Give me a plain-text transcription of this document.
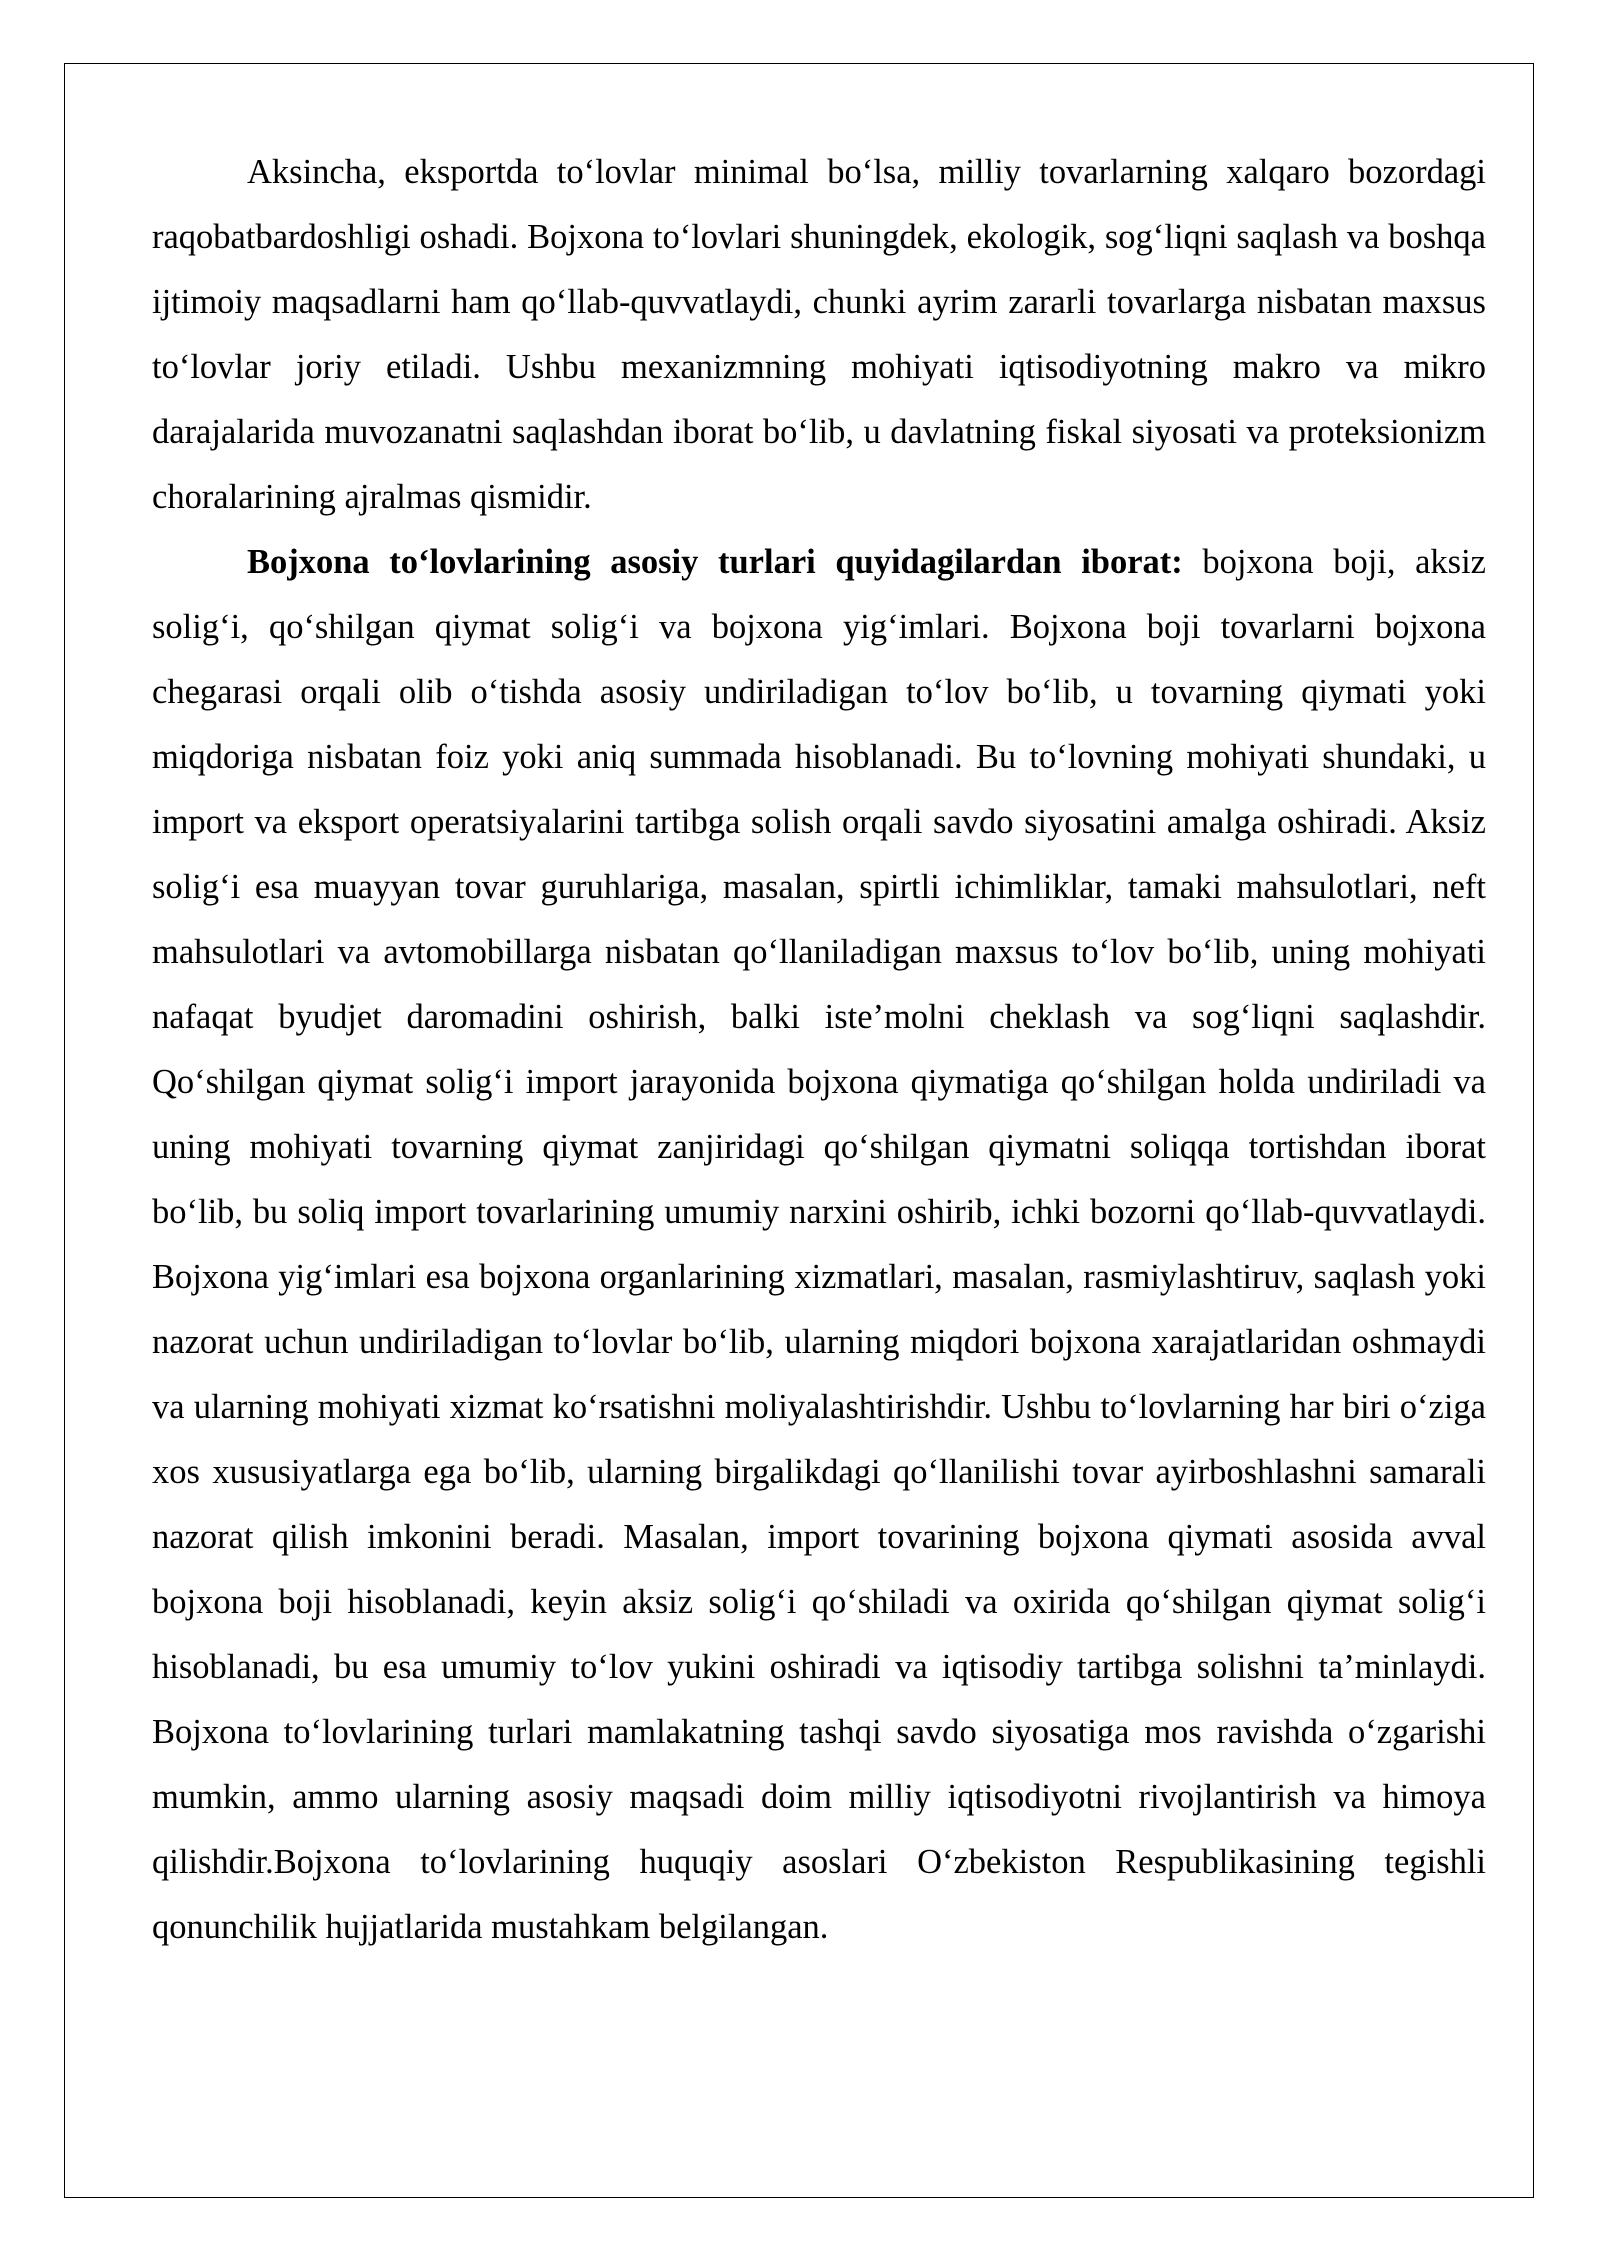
Aksincha, eksportda to‘lovlar minimal bo‘lsa, milliy tovarlarning xalqaro bozordagi raqobatbardoshligi oshadi. Bojxona to‘lovlari shuningdek, ekologik, sog‘liqni saqlash va boshqa ijtimoiy maqsadlarni ham qo‘llab-quvvatlaydi, chunki ayrim zararli tovarlarga nisbatan maxsus to‘lovlar joriy etiladi. Ushbu mexanizmning mohiyati iqtisodiyotning makro va mikro darajalarida muvozanatni saqlashdan iborat bo‘lib, u davlatning fiskal siyosati va proteksionizm choralarining ajralmas qismidir.

Bojxona to‘lovlarining asosiy turlari quyidagilardan iborat: bojxona boji, aksiz solig‘i, qo‘shilgan qiymat solig‘i va bojxona yig‘imlari. Bojxona boji tovarlarni bojxona chegarasi orqali olib o‘tishda asosiy undiriladigan to‘lov bo‘lib, u tovarning qiymati yoki miqdoriga nisbatan foiz yoki aniq summada hisoblanadi. Bu to‘lovning mohiyati shundaki, u import va eksport operatsiyalarini tartibga solish orqali savdo siyosatini amalga oshiradi. Aksiz solig‘i esa muayyan tovar guruhlariga, masalan, spirtli ichimliklar, tamaki mahsulotlari, neft mahsulotlari va avtomobillarga nisbatan qo‘llaniladigan maxsus to‘lov bo‘lib, uning mohiyati nafaqat byudjet daromadini oshirish, balki iste’molni cheklash va sog‘liqni saqlashdir. Qo‘shilgan qiymat solig‘i import jarayonida bojxona qiymatiga qo‘shilgan holda undiriladi va uning mohiyati tovarning qiymat zanjiridagi qo‘shilgan qiymatni soliqqa tortishdan iborat bo‘lib, bu soliq import tovarlarining umumiy narxini oshirib, ichki bozorni qo‘llab-quvvatlaydi. Bojxona yig‘imlari esa bojxona organlarining xizmatlari, masalan, rasmiylashtiruv, saqlash yoki nazorat uchun undiriladigan to‘lovlar bo‘lib, ularning miqdori bojxona xarajatlaridan oshmaydi va ularning mohiyati xizmat ko‘rsatishni moliyalashtirishdir. Ushbu to‘lovlarning har biri o‘ziga xos xususiyatlarga ega bo‘lib, ularning birgalikdagi qo‘llanilishi tovar ayirboshlashni samarali nazorat qilish imkonini beradi. Masalan, import tovarining bojxona qiymati asosida avval bojxona boji hisoblanadi, keyin aksiz solig‘i qo‘shiladi va oxirida qo‘shilgan qiymat solig‘i hisoblanadi, bu esa umumiy to‘lov yukini oshiradi va iqtisodiy tartibga solishni ta’minlaydi. Bojxona to‘lovlarining turlari mamlakatning tashqi savdo siyosatiga mos ravishda o‘zgarishi mumkin, ammo ularning asosiy maqsadi doim milliy iqtisodiyotni rivojlantirish va himoya qilishdir.Bojxona to‘lovlarining huquqiy asoslari O‘zbekiston Respublikasining tegishli qonunchilik hujjatlarida mustahkam belgilangan.
